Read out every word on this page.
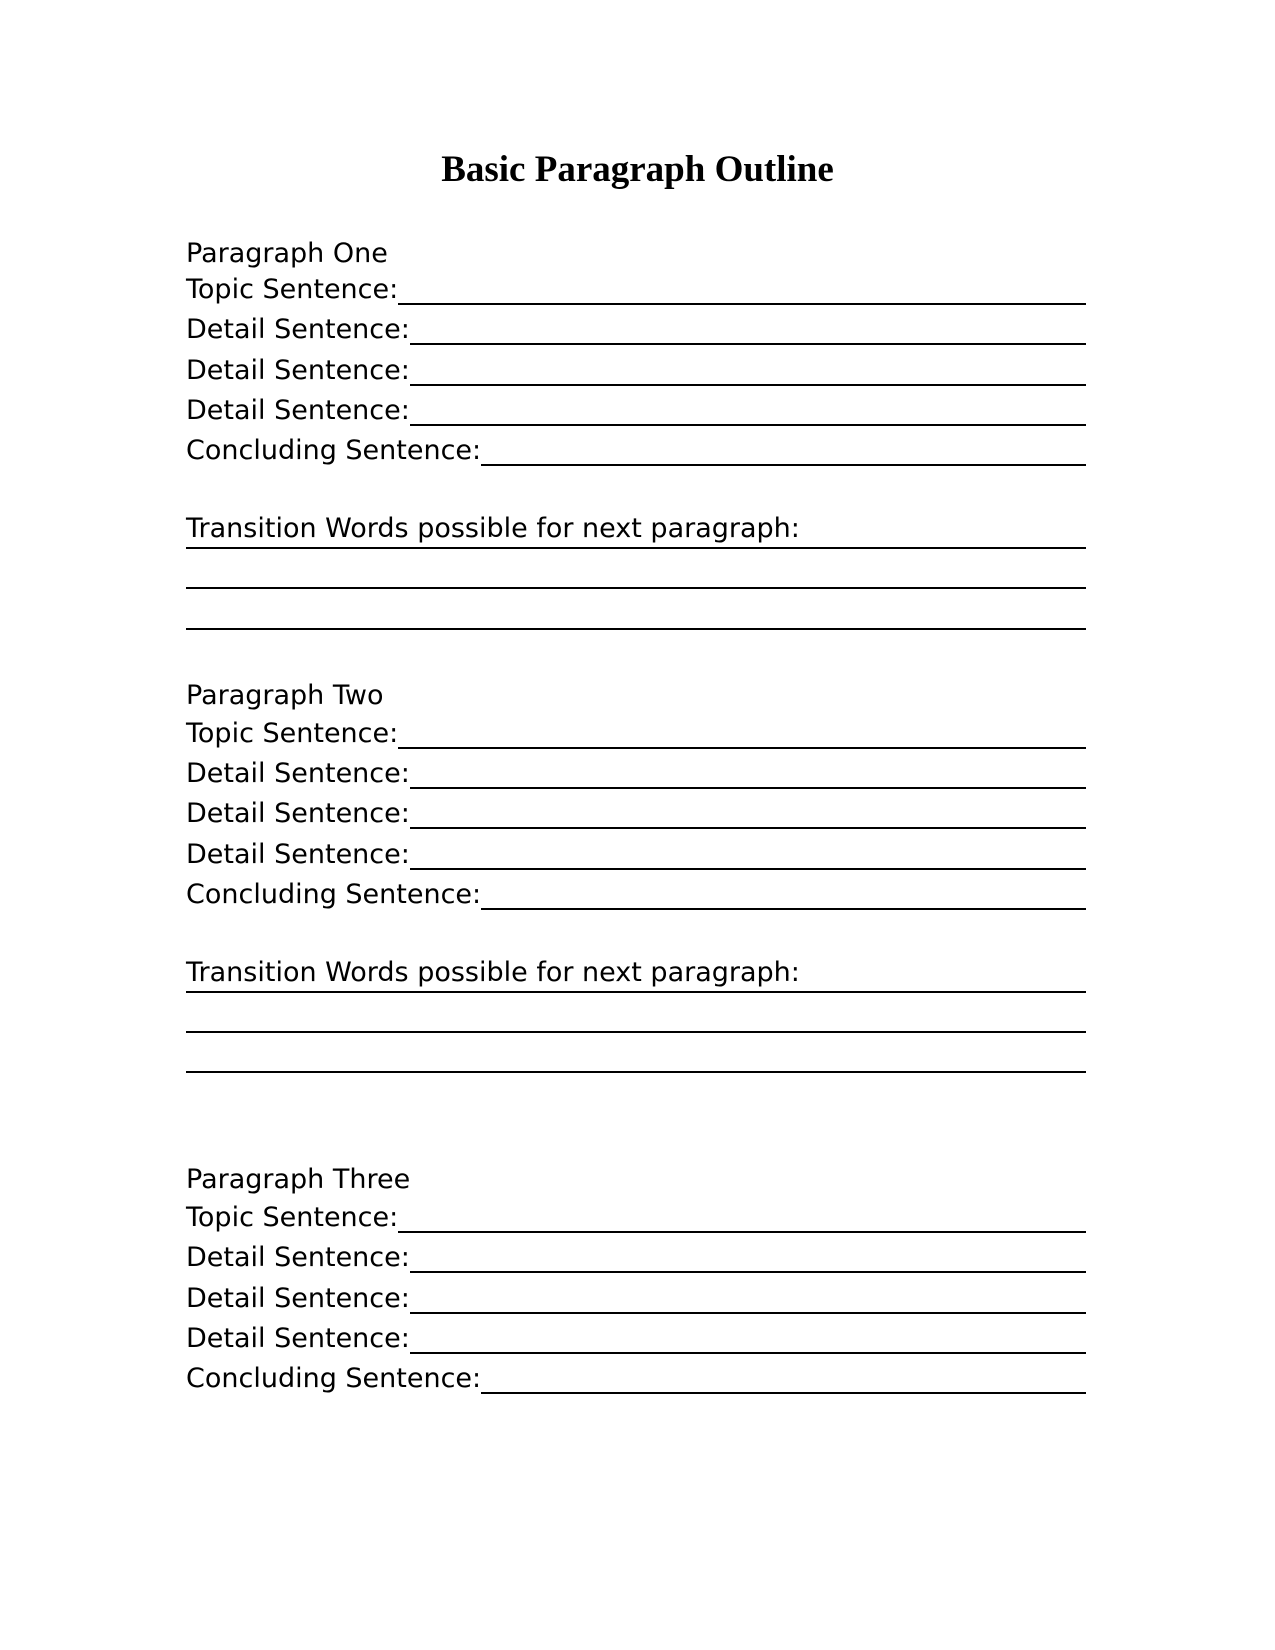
Basic Paragraph Outline
Paragraph One
Topic Sentence:
Detail Sentence:
Detail Sentence:
Detail Sentence:
Concluding Sentence:
Transition Words possible for next paragraph:
Paragraph Two
Topic Sentence:
Detail Sentence:
Detail Sentence:
Detail Sentence:
Concluding Sentence:
Transition Words possible for next paragraph:
Paragraph Three
Topic Sentence:
Detail Sentence:
Detail Sentence:
Detail Sentence:
Concluding Sentence:
